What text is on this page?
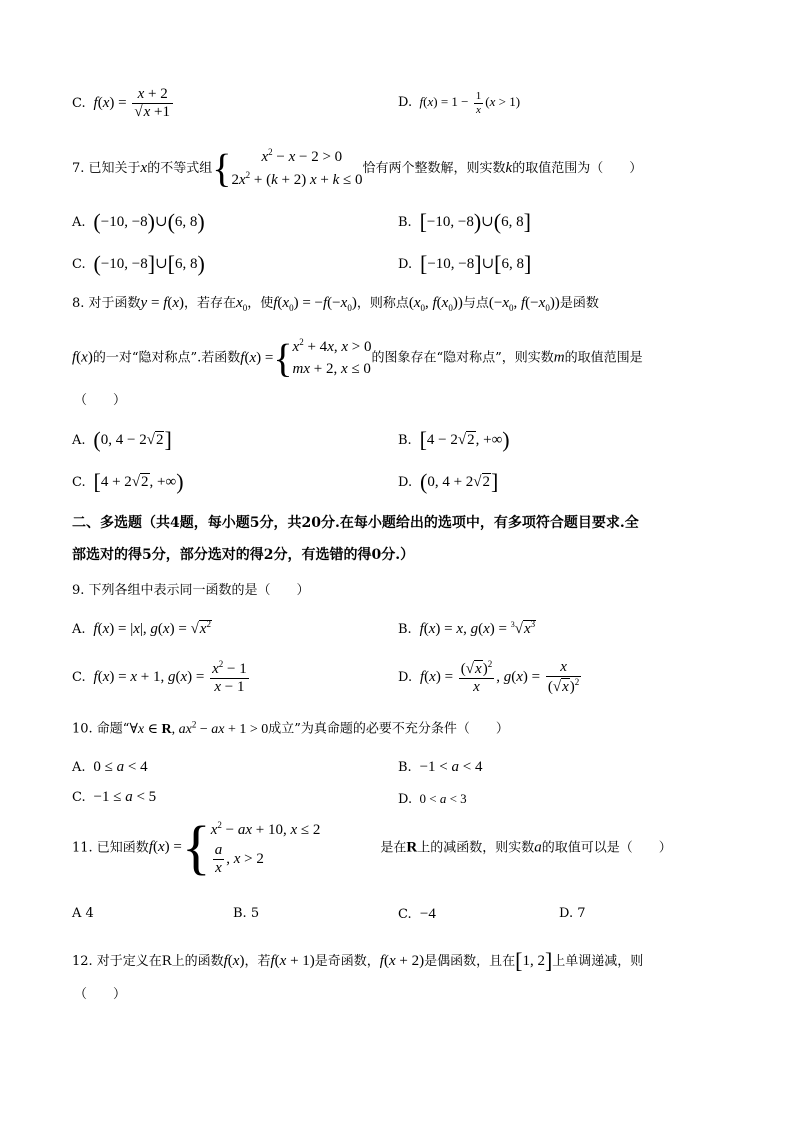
C.  $f(x) = \frac{x + 2}{√x +1}$	D.  $f(x) = 1 - \frac{1}{x} (x > 1)$
7. 已知关于x的不等式组{ $x^2 - x - 2 > 0$
$2x^2 + (k + 2) x + k \le 0$
恰有两个整数解，则实数k的取值范围为（　　）
A. (−10, −8)∪(6, 8)	B. [−10, −8)∪(6, 8]
C. (−10, −8]∪[6, 8)	D. [−10, −8]∪[6, 8]
8. 对于函数y = f(x)，若存在$x_0$，使$f(x_0) = -f(-x_0)$，则称点($x_0$, $f(x_0)$)与点($-x_0$, $f(-x_0)$)是函数
f(x)的一对“隐对称点”.若函数f(x) ={ $x^2 + 4x$, x > 0
mx + 2, x ≤ 0
的图象存在“隐对称点”，则实数m的取值范围是
（　　）
A. (0, 4 − 2√2]	B. [4 − 2√2, +∞)
C. [4 + 2√2, +∞)	D. (0, 4 + 2√2]
二、多选题（共4题，每小题5分，共20分.在每小题给出的选项中，有多项符合题目要求.全
部选对的得5分，部分选对的得2分，有选错的得0分.）
9. 下列各组中表示同一函数的是（　　）
A.  f(x) = |x|, $g(x) = √x^2$	B.  f(x) = x, $g(x) = ^3√x^3$
C.  f(x) = x + 1, $g(x) = \frac{x^2 - 1}{x - 1}$	D.  $f(x) = \frac{(√x)^2}{x}$ , $g(x) = \frac{x}{(√x)^2}$
10. 命题“∀x ∈ R, $ax^2$ − ax + 1 > 0成立”为真命题的必要不充分条件（　　）
A. 0 ≤ a < 4	B. −1 < a < 4
C. −1 ≤ a < 5	D. 0 < a < 3
11. 已知函数f(x) ={ $x^2$ − ax + 10, x ≤ 2
$\frac{a}{x}$ , x > 2
是在R上的减函数，则实数a的取值可以是（　　）
A 4	B. 5	C. −4	D. 7
12. 对于定义在R上的函数f(x)，若f(x + 1)是奇函数，f(x + 2)是偶函数，且在[1, 2]上单调递减，则
（　　）
